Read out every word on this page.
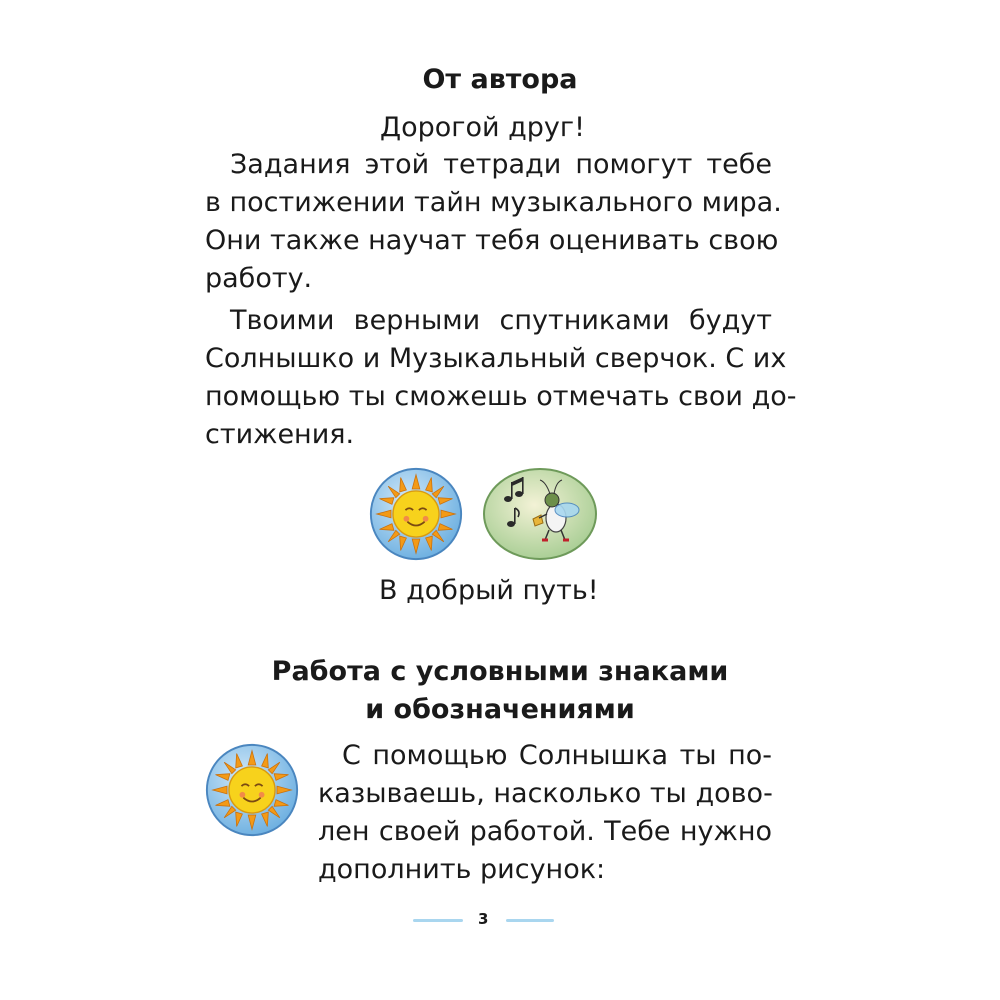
От автора
Дорогой друг!
Задания этой тетради помогут тебе
в постижении тайн музыкального мира.
Они также научат тебя оценивать свою
работу.
Твоими верными спутниками будут
Солнышко и Музыкальный сверчок. С их
помощью ты сможешь отмечать свои до-
стижения.
В добрый путь!
Работа с условными знаками
и обозначениями
С помощью Солнышка ты по-
казываешь, насколько ты дово-
лен своей работой. Тебе нужно
дополнить рисунок:
3
